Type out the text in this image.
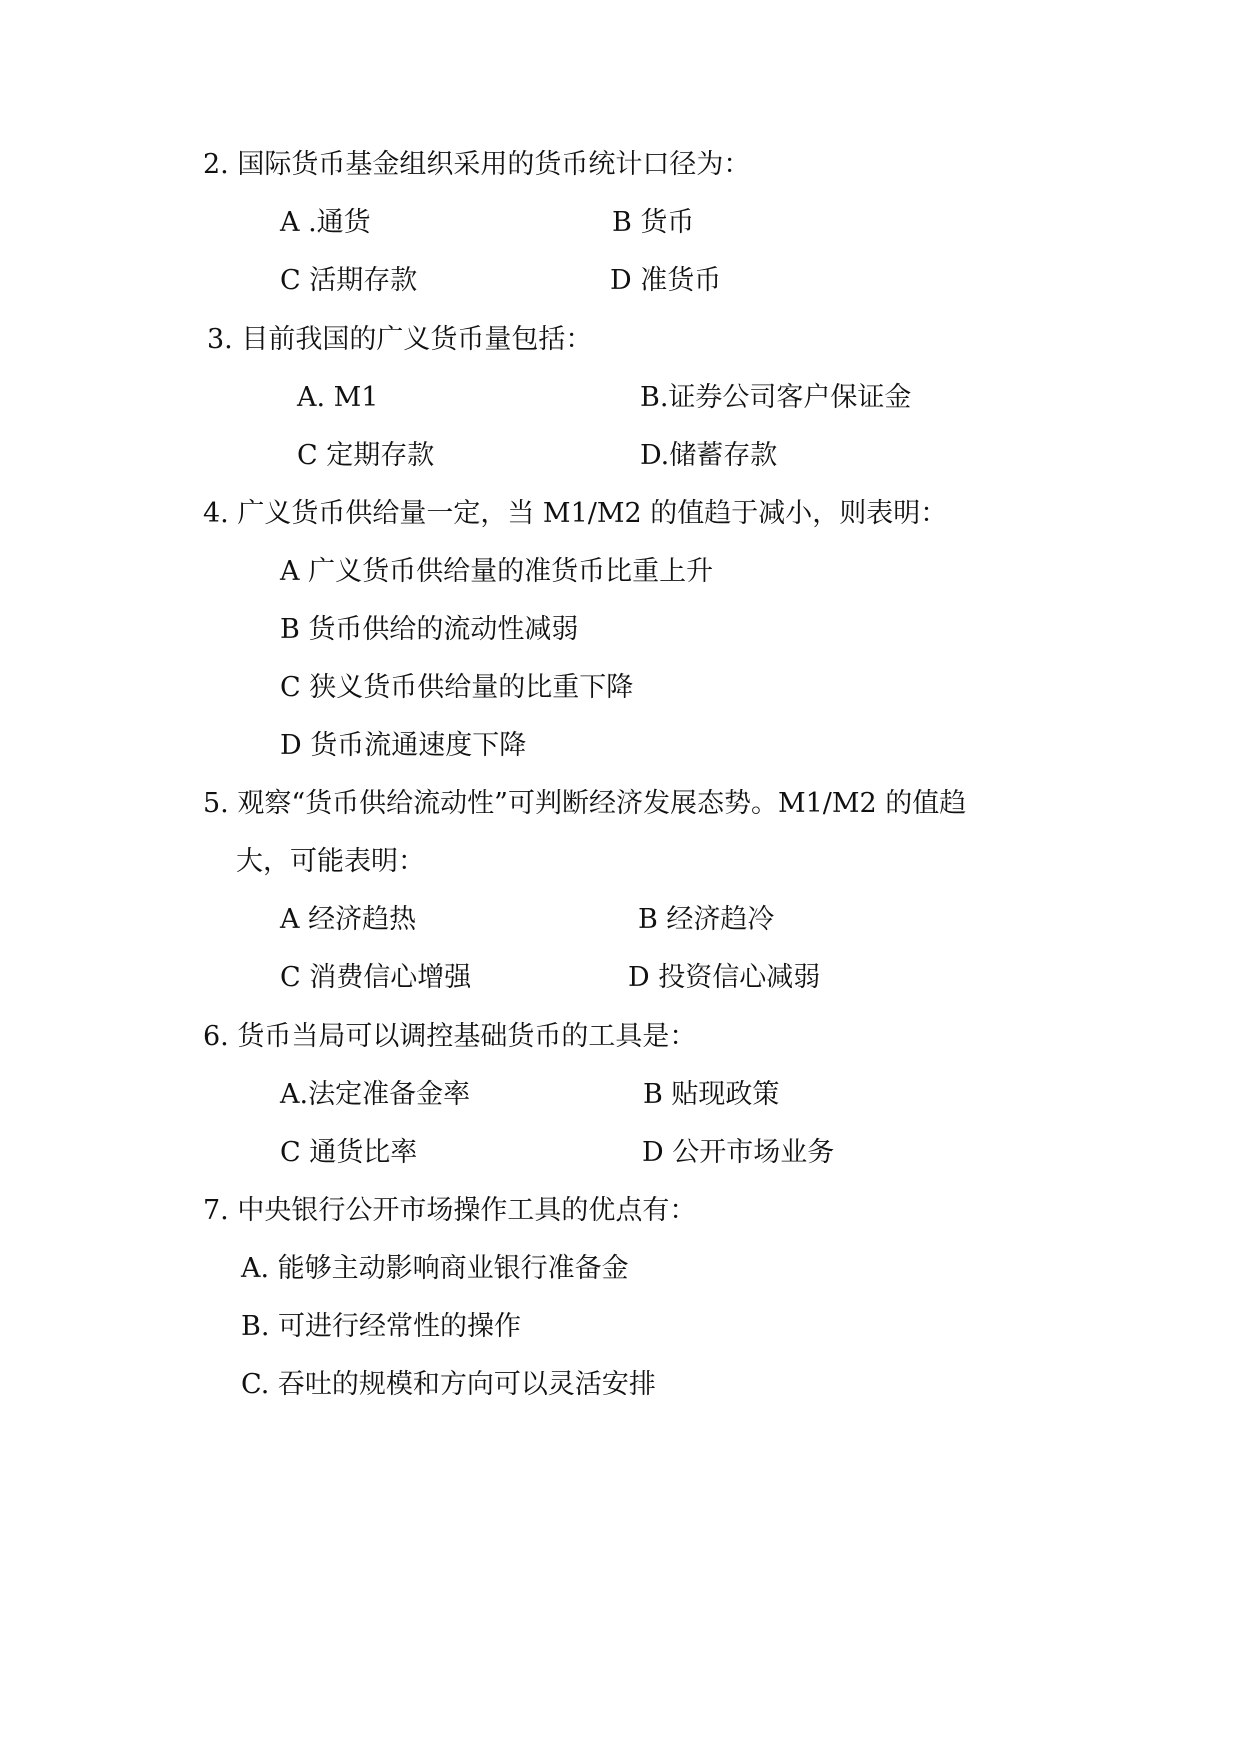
2. 国际货币基金组织采用的货币统计口径为：
A .通货	B 货币
C 活期存款	D 准货币
3. 目前我国的广义货币量包括：
A. M1	B.证券公司客户保证金
C 定期存款	D.储蓄存款
4. 广义货币供给量一定，当 M1/M2 的值趋于减小，则表明：
A 广义货币供给量的准货币比重上升
B 货币供给的流动性减弱
C 狭义货币供给量的比重下降
D 货币流通速度下降
5. 观察“货币供给流动性”可判断经济发展态势。M1/M2 的值趋
大，可能表明：
A 经济趋热	B 经济趋冷
C 消费信心增强	D 投资信心减弱
6. 货币当局可以调控基础货币的工具是：
A.法定准备金率	B 贴现政策
C 通货比率	D 公开市场业务
7. 中央银行公开市场操作工具的优点有：
A. 能够主动影响商业银行准备金
B. 可进行经常性的操作
C. 吞吐的规模和方向可以灵活安排
